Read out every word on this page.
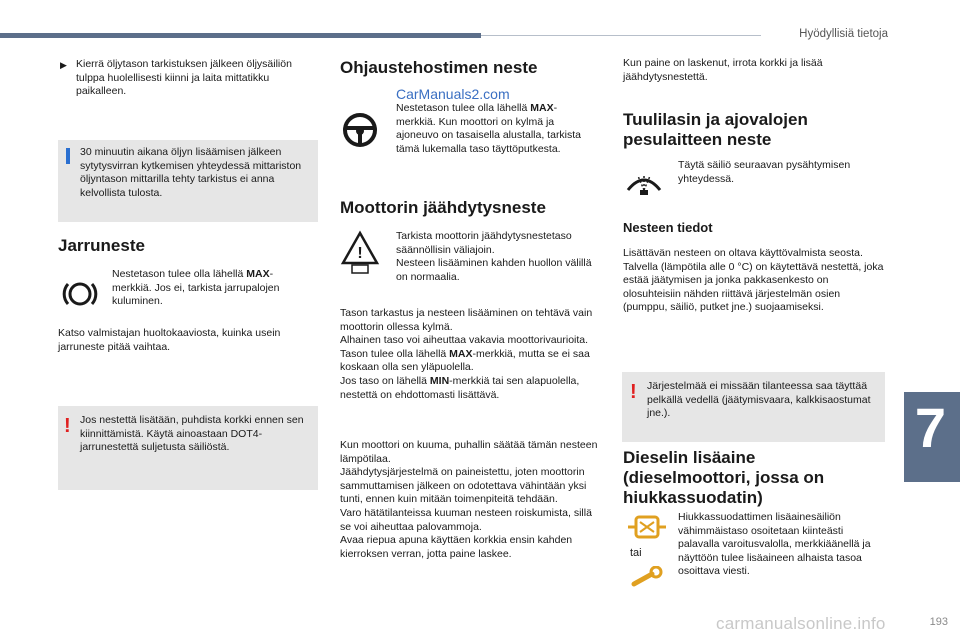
Hyödyllisiä tietoja
7
193
▶ Kierrä öljytason tarkistuksen jälkeen öljysäiliön tulppa huolellisesti kiinni ja laita mittatikku paikalleen.

30 minuutin aikana öljyn lisäämisen jälkeen sytytysvirran kytkemisen yhteydessä mittariston öljyntason mittarilla tehty tarkistus ei anna kelvollista tulosta.

Jarruneste

Nestetason tulee olla lähellä MAX-merkkiä. Jos ei, tarkista jarrupalojen kuluminen.

Katso valmistajan huoltokaaviosta, kuinka usein jarruneste pitää vaihtaa.

! Jos nestettä lisätään, puhdista korkki ennen sen kiinnittämistä. Käytä ainoastaan DOT4-jarrunestettä suljetusta säiliöstä.

Ohjaustehostimen neste
CarManuals2.com

Nestetason tulee olla lähellä MAX-merkkiä. Kun moottori on kylmä ja ajoneuvo on tasaisella alustalla, tarkista tämä lukemalla taso täyttöputkesta.

Moottorin jäähdytysneste
!

Tarkista moottorin jäähdytysnestetaso säännöllisin väliajoin.
Nesteen lisääminen kahden huollon välillä on normaalia.

Tason tarkastus ja nesteen lisääminen on tehtävä vain moottorin ollessa kylmä.
Alhainen taso voi aiheuttaa vakavia moottorivaurioita.
Tason tulee olla lähellä MAX-merkkiä, mutta se ei saa koskaan olla sen yläpuolella.
Jos taso on lähellä MIN-merkkiä tai sen alapuolella, nestettä on ehdottomasti lisättävä.

Kun moottori on kuuma, puhallin säätää tämän nesteen lämpötilaa.
Jäähdytysjärjestelmä on paineistettu, joten moottorin sammuttamisen jälkeen on odotettava vähintään yksi tunti, ennen kuin mitään toimenpiteitä tehdään.
Varo hätätilanteissa kuuman nesteen roiskumista, sillä se voi aiheuttaa palovammoja.
Avaa riepua apuna käyttäen korkkia ensin kahden kierroksen verran, jotta paine laskee.

Kun paine on laskenut, irrota korkki ja lisää jäähdytysnestettä.

Tuulilasin ja ajovalojen pesulaitteen neste

Täytä säiliö seuraavan pysähtymisen yhteydessä.

Nesteen tiedot

Lisättävän nesteen on oltava käyttövalmista seosta.
Talvella (lämpötila alle 0 °C) on käytettävä nestettä, joka estää jäätymisen ja jonka pakkasenkesto on olosuhteisiin nähden riittävä järjestelmän osien (pumppu, säiliö, putket jne.) suojaamiseksi.

! Järjestelmää ei missään tilanteessa saa täyttää pelkällä vedellä (jäätymisvaara, kalkkisaostumat jne.).

Dieselin lisäaine (dieselmoottori, jossa on hiukkassuodatin)
tai

Hiukkassuodattimen lisäainesäiliön vähimmäistaso osoitetaan kiinteästi palavalla varoitusvalolla, merkkiäänellä ja näyttöön tulee lisäaineen alhaista tasoa osoittava viesti.

carmanualsonline.info
